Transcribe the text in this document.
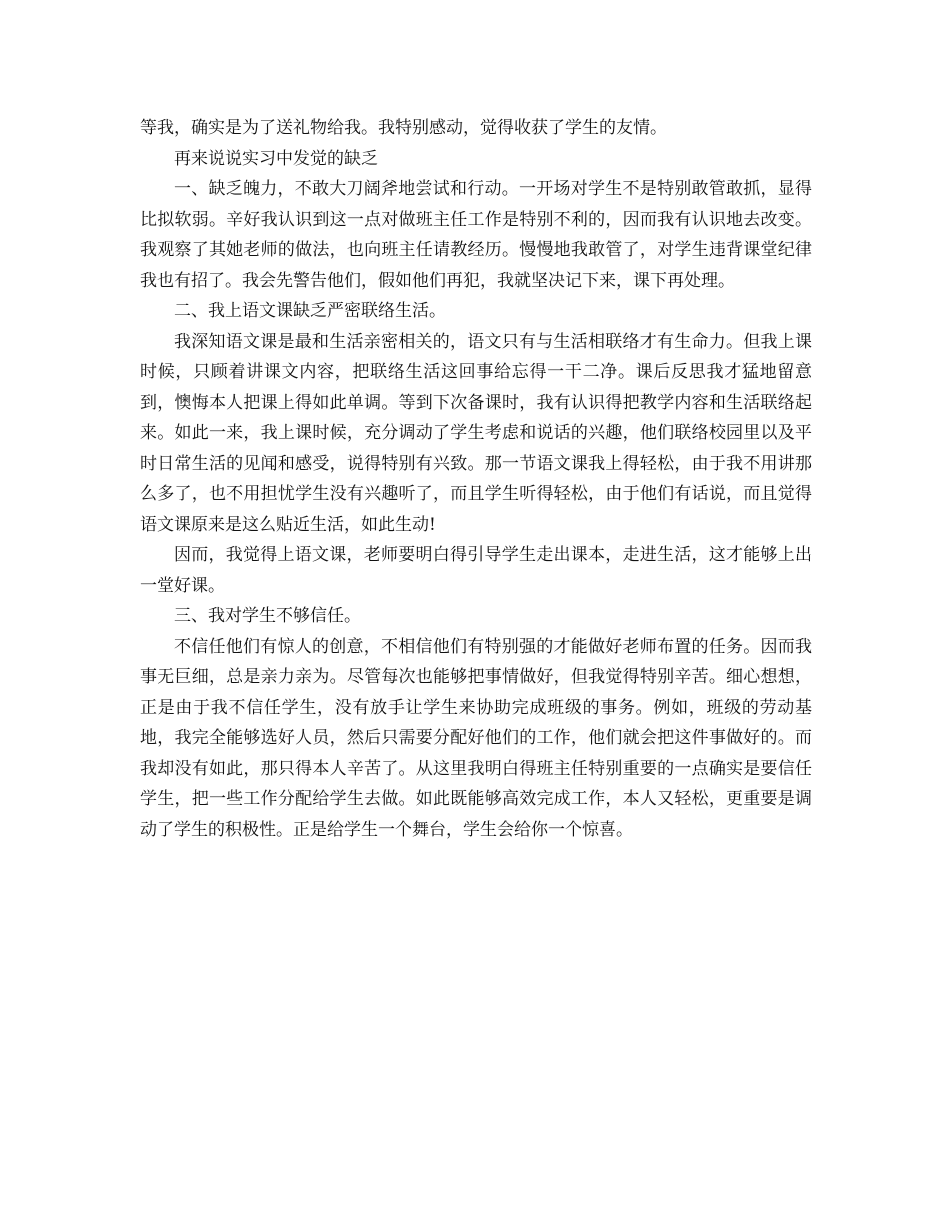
等我，确实是为了送礼物给我。我特别感动，觉得收获了学生的友情。

再来说说实习中发觉的缺乏

一、缺乏魄力，不敢大刀阔斧地尝试和行动。一开场对学生不是特别敢管敢抓，显得比拟软弱。辛好我认识到这一点对做班主任工作是特别不利的，因而我有认识地去改变。我观察了其她老师的做法，也向班主任请教经历。慢慢地我敢管了，对学生违背课堂纪律我也有招了。我会先警告他们，假如他们再犯，我就坚决记下来，课下再处理。

二、我上语文课缺乏严密联络生活。

我深知语文课是最和生活亲密相关的，语文只有与生活相联络才有生命力。但我上课时候，只顾着讲课文内容，把联络生活这回事给忘得一干二净。课后反思我才猛地留意到，懊悔本人把课上得如此单调。等到下次备课时，我有认识得把教学内容和生活联络起来。如此一来，我上课时候，充分调动了学生考虑和说话的兴趣，他们联络校园里以及平时日常生活的见闻和感受，说得特别有兴致。那一节语文课我上得轻松，由于我不用讲那么多了，也不用担忧学生没有兴趣听了，而且学生听得轻松，由于他们有话说，而且觉得语文课原来是这么贴近生活，如此生动!

因而，我觉得上语文课，老师要明白得引导学生走出课本，走进生活，这才能够上出一堂好课。

三、我对学生不够信任。

不信任他们有惊人的创意，不相信他们有特别强的才能做好老师布置的任务。因而我事无巨细，总是亲力亲为。尽管每次也能够把事情做好，但我觉得特别辛苦。细心想想，正是由于我不信任学生，没有放手让学生来协助完成班级的事务。例如，班级的劳动基地，我完全能够选好人员，然后只需要分配好他们的工作，他们就会把这件事做好的。而我却没有如此，那只得本人辛苦了。从这里我明白得班主任特别重要的一点确实是要信任学生，把一些工作分配给学生去做。如此既能够高效完成工作，本人又轻松，更重要是调动了学生的积极性。正是给学生一个舞台，学生会给你一个惊喜。
